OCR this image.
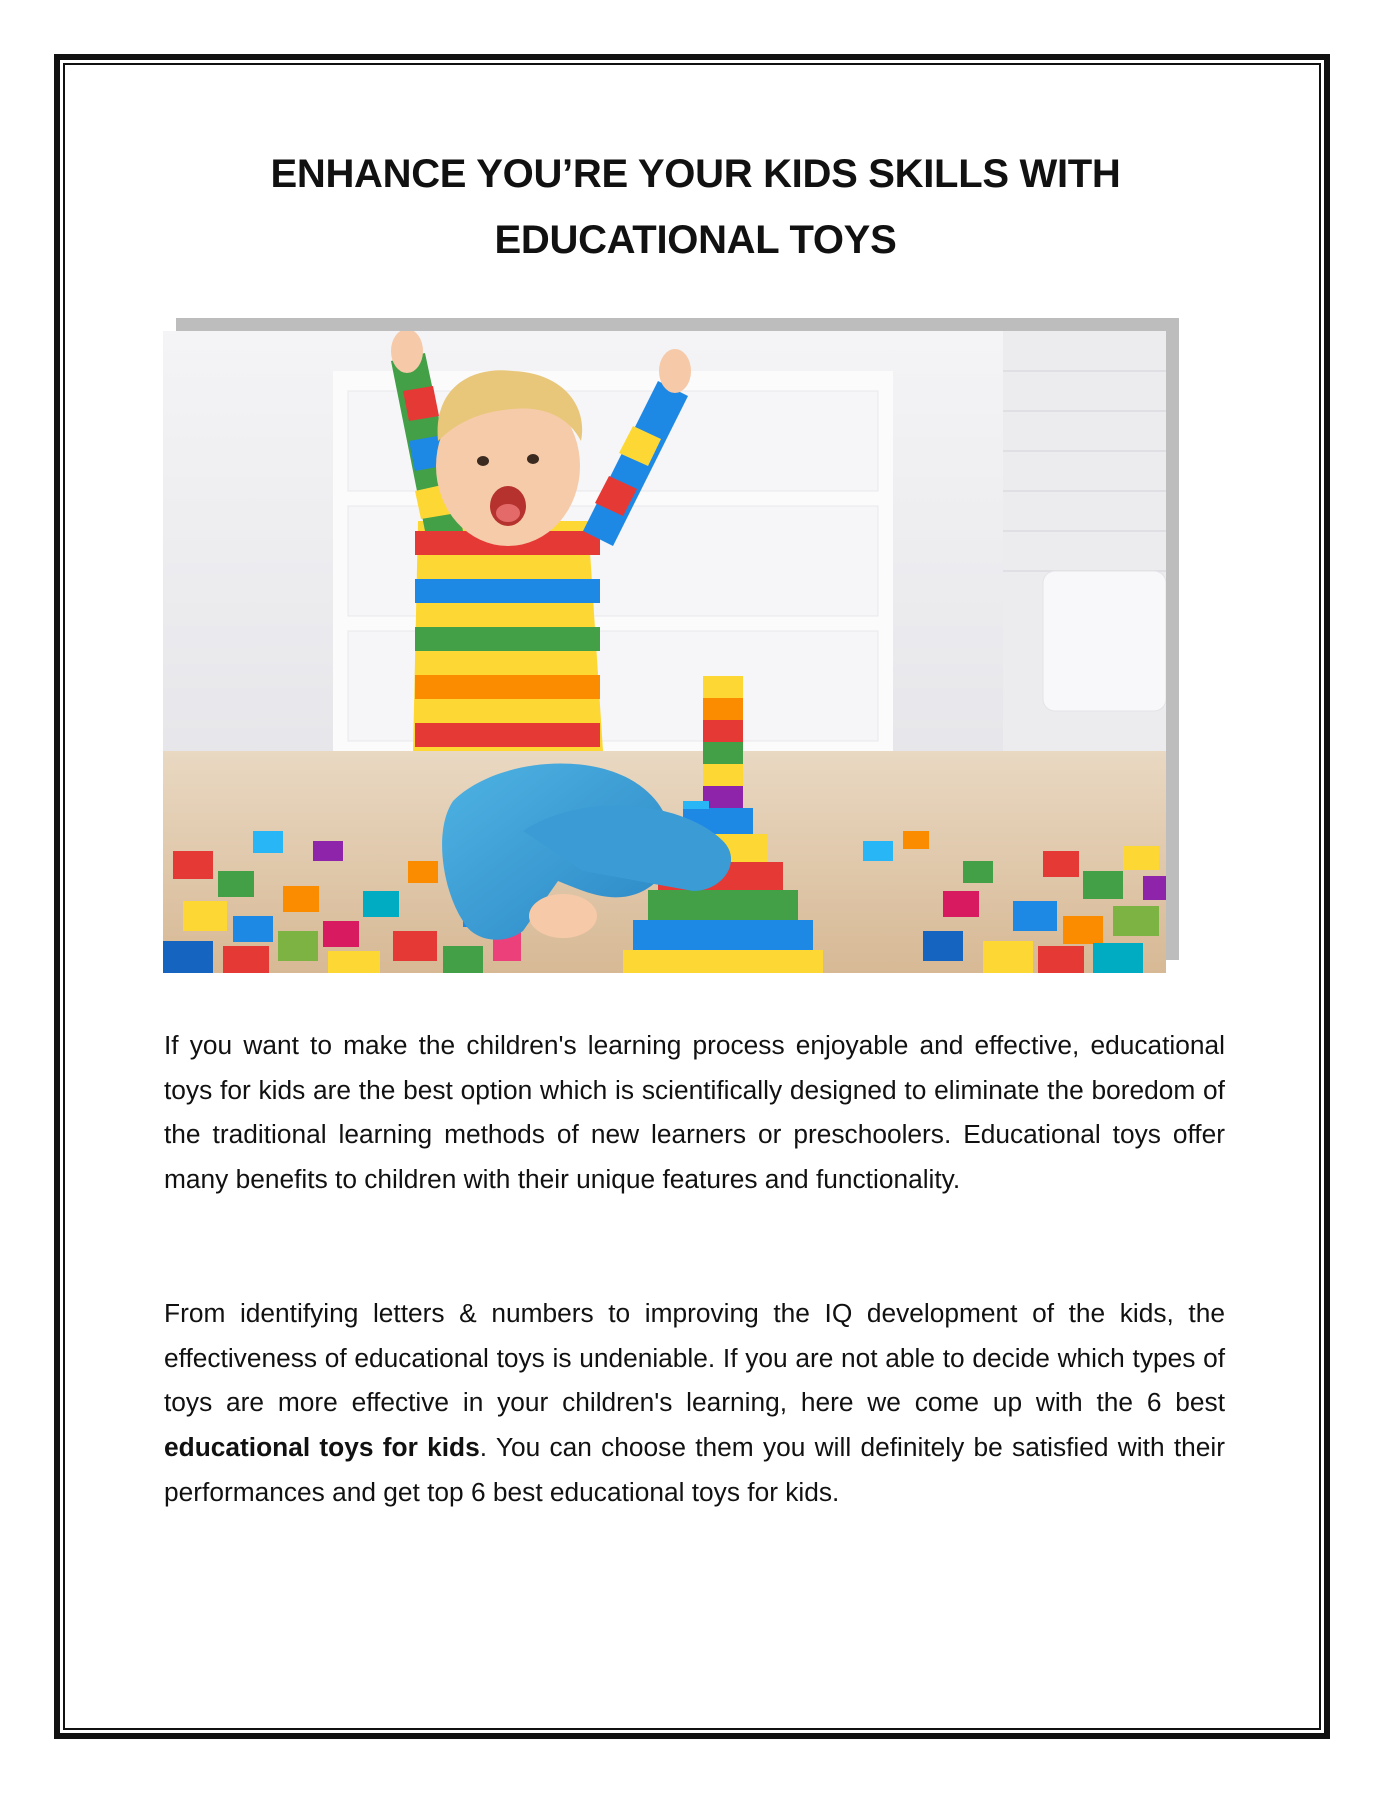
ENHANCE YOU’RE YOUR KIDS SKILLS WITH
EDUCATIONAL TOYS

If you want to make the children's learning process enjoyable and effective, educational toys for kids are the best option which is scientifically designed to eliminate the boredom of the traditional learning methods of new learners or preschoolers. Educational toys offer many benefits to children with their unique features and functionality.

From identifying letters & numbers to improving the IQ development of the kids, the effectiveness of educational toys is undeniable. If you are not able to decide which types of toys are more effective in your children's learning, here we come up with the 6 best educational toys for kids. You can choose them you will definitely be satisfied with their performances and get top 6 best educational toys for kids.
